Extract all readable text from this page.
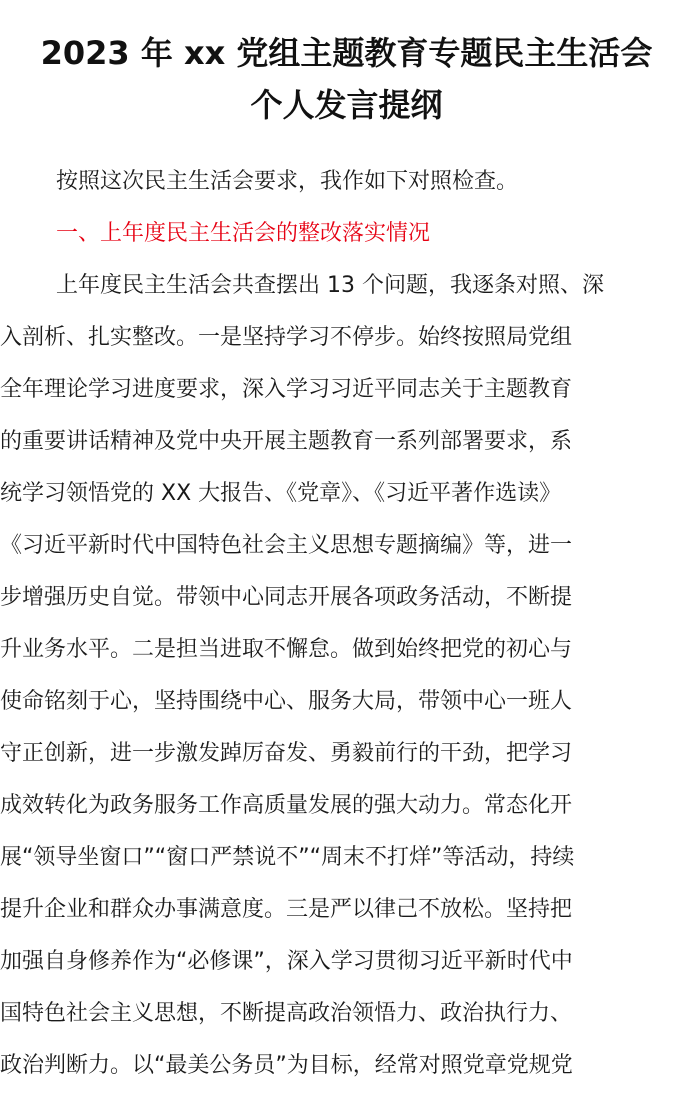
2023 年 xx 党组主题教育专题民主生活会
个人发言提纲
按照这次民主生活会要求，我作如下对照检查。
一、上年度民主生活会的整改落实情况
上年度民主生活会共查摆出 13 个问题，我逐条对照、深
入剖析、扎实整改。一是坚持学习不停步。始终按照局党组
全年理论学习进度要求，深入学习习近平同志关于主题教育
的重要讲话精神及党中央开展主题教育一系列部署要求，系
统学习领悟党的 XX 大报告、《党章》、《习近平著作选读》
《习近平新时代中国特色社会主义思想专题摘编》等，进一
步增强历史自觉。带领中心同志开展各项政务活动，不断提
升业务水平。二是担当进取不懈怠。做到始终把党的初心与
使命铭刻于心，坚持围绕中心、服务大局，带领中心一班人
守正创新，进一步激发踔厉奋发、勇毅前行的干劲，把学习
成效转化为政务服务工作高质量发展的强大动力。常态化开
展“领导坐窗口”“窗口严禁说不”“周末不打烊”等活动，持续
提升企业和群众办事满意度。三是严以律己不放松。坚持把
加强自身修养作为“必修课”，深入学习贯彻习近平新时代中
国特色社会主义思想，不断提高政治领悟力、政治执行力、
政治判断力。以“最美公务员”为目标，经常对照党章党规党
